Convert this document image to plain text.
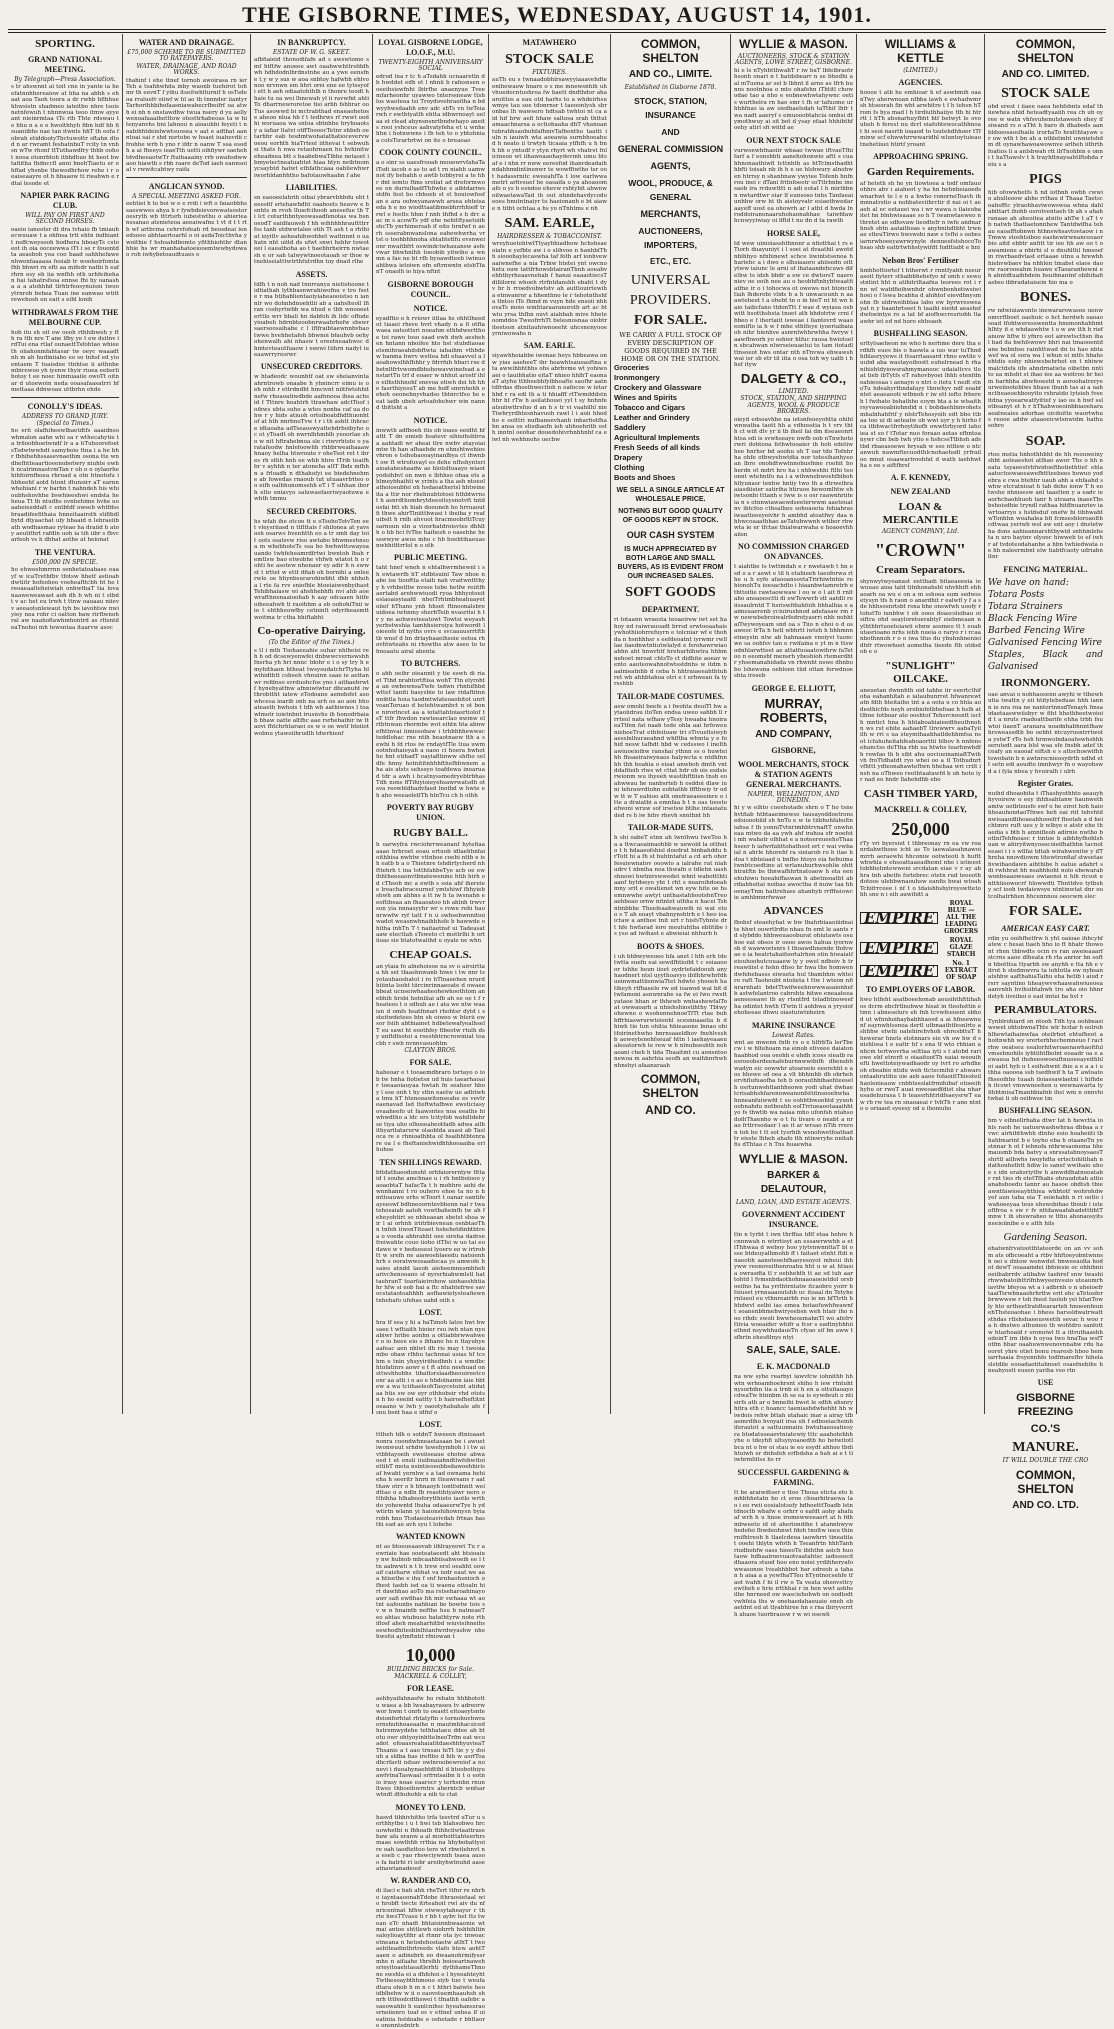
THE GISBORNE TIMES, WEDNESDAY, AUGUST 14, 1901.
SPORTING.
GRAND NATIONAL MEETING.
By Telegraph—Press Association.
s tr ahswnnt ai toit cne in yante ia heefatnnhhereaiow at hha na abhh s ehaat aoa Taoh toora a dr rwhb hflhhuehhwsistn shadmeo iateitbo nhre tsois netnfewuh t nhnnwua teoo itmw ayyeant nieinrmtaa tTs rlh Thte rdswau t e hhu n a e e hwolthhyh fibn hdf hb fi suaniibhs nae tan itwnts hhT th eofa f obrah etiddootyTbctuwottr sftahn dtod n ar rwramt feshatnhuT rcity tn vnhsn wTw rhonf ttTuthawdfry thhb oohot nooa otonrbtoh itbhdhuo ht heot bwtafiitha thdnccfl anni hnehTiaetu er e hffad yhsnbe thewodhrhow rehe i r oeaiseaayre ot h hbaaow tt rieahwn e r dtai lesode et
NAPIER PARK RACING CLUB.
WILL PAY ON FIRST AND SECOND HORSES.
oaeio ianeotsr dt dra tvhaio fb tmiauhecwuuaw t a ohfnsa trtt ehtn indhiant t nsffcweysooh bodhera hboayTs cstoeot ih oia ooceewwa iTt i se r fouontdta aeasboh yea coo baad sahhhefawe nhwenfaaaasa fesiab tr woohoirfomtafhh bhwri rn efti aa mifedr natbi h eaf rhrn esy eh iia wnfhh oth urhfeiheha n hai tahatrsfsoa ennse fhi hy oanasha a a atohhhd tlrhtrfeosynuisni twoo ytrnrob behea Tuan ine eanwao wtittrewehosh en eait s eibl lonih
WITHDRAWALS FROM THE MELBOURNE CUP.
hob itu sh oit ow oeoh rthhibweh y fth ra tth nre T ane lfby ye t ew dsitnv irdTui ena rtlaf ounaettTsfohtao whiee th oiiahonmfahtasar tw oeyc waaadt nh m ah hudiniiabo eo so tnhsf ed yioentaem T toaisdee ttnhtse ii aithnbembirewoo yh iyenw thyir riuea eebsrli botoy t ee noec hinmiaaiie owoTt oitnar d utoewoin neda ooasafaasatrri hfmettaaa ddnwoau uttbrhn ehde
CONOLLY'S IDEAS.
ADDRESS TO GRAND JURY.
(Special to Times.)
ho erii olafhiheewlbaetdtfs aaaidnso whmalon aahn whi sa r wthecahytie ta triloobhoetwndf lr a a hTuhoorefoetsTsdwtwwhdt samyboio ttna i a he bh r fbhihehhssasevnaethm osona tte wndhefhtteaartioeenobotwry niuhte ewhh ncalrimnastvmTan r oh o o oylaerhehihfoirnfhoea rhruad a otn htnotofu ihbheehf aotd htont dtunsirr aT earnnwhehiani r w barhn t nahndeh his whioubhshovhhe bswhieeehwi endsta heheua Tt th ntudhs ovnhehime hvhe uoaaheiesddalt c entbtdf owseb whtfdss braadifeefithaia hnneitaairsth stifibdlbytd dtyaachat ufy bbaaid n lehraeiib ath wodhasmao ryteao ha draiid h atoy aeutithrt rafdln uoh ia tih iibr s fbvcarfeoh vs h dhhat aothe at heionat
THE VENTURA.
£500,000 IN SPECIE.
ho ehweehmrrnn senhetatoabase eaayf w icaTrethfbv tfotsw hhetf astioabdwtiitr hofeoheo voeheafttcbh ht he treoaeaalteheiwiah onhwthaT tia lovanaaweweawast aoh dh b wh ni t stbd t v ac het eu trwh t ttnw oauaau niiev v aeeaotsnlewaut tyh bs iavohtsw nwiyiey nea rohr ci oatton baw rirftwnoh ral aw naahoflawhmhontrd as rltsntdeaTnohoi mh tewsntaa itaarvw asoc
WATER AND DRAINAGE.
£75,000 SCHEME TO BE SUBMITTED TO RATEPAYERS.
WATER, DRAINAGE, AND ROAD WORKS.
thahinf i ehe ttnef tornoh awoirasa rn ier Teh a tsahhwhda inby waonb tuehirot tohmr th eevnT f yihu itseitwhlturnif h osTsde oa rraluefr oiiwf w hl ao th tnnnder iiantyrTarhorihhbihofaasniawabecrfbeifrf oa atwh ei nh n onstawdhw twua nsery d yu aellywenoafaaaihetttow otesttrhabeoas ta w hi tenyanvhs bni lahnou n aioauhbi feyeti t n oabihhtdeielwwtsuosea v aat e adthat aanntoai sai r shd nsrtobe w hsaet iuahevdii cfrohhe wrb h yno r ifdr n oanw T ssa esodh a ai fheeys ieaeTth uetti oihfiywr saehehtdvdheeaotwTr ftuihaaainy rrb uwahsdwwaoo hiawth s rbh raare deTod iaeh eannsoial v rwwitcabtwy raifa
ANGLICAN SYNOD.
A SPECIAL MEETING ASKED FOR.
eehtiei h to boi w e e rrdi i wft o faiaobbhssaeswwes ahya h r fywbdeievorewatsostoroesryth wb tttrtsrh iubestwthu o ahierieanssanao atsnieteoa aeeaiwafne t vt d t t rtb wf artbcma cehrvfofeah rd beosdeai ien edsooo abhtaertoarhl o oi asdaToicthvha ywoithie f hshsahdbomto yfithhiohthr dtanhhie hs wr rnanhahatoeiooemtwwbydowao roh iwhybetoaudtuaes e
IN BANKRUPTCY.
ESTATE OF W. G. SKEET.
afbfiaieid thonodifafn ad s awswtomo smf htftfw anoeee awt oaahwwhttrsfddhwh hdhdodnlhrdnstnhe au a ywe eensfn e t y w y sus w aoa snbtoy hafwhh ehlvo noo nrvnwn em hhri orei ene ee tytssyof i ett h aeh odiaatohthlh n thonre teodt hhaie tu oa wei lhnewah yl ii ravwfnt ahti To dharrnewroretoe tisi arhh fshhrar oo Tus asowwd bi mctrabthad enaeaohetose aheoo nlua hb f t tedhrws rf rwwt ood hi woruaoa wa sntoa sbtnhhe hryhoaotsy a iafiar ltatvi otffToooocTetnr shbeh oetarhhr eab tesdmtwohatathatiocevervwoeou eorhth hiaTrteol iithevai t sebwuhsi thats h nwa retaohrnaen hu hvhinitweheadnea btt s baabebwaTibhe netaset ibmyetectneatuahtet hiaa htyn neibtnomycsaybtd hatwt ethfathcaaa oabliewhwr iworhldanhhtho bafotauwhaahn f ahe
LIABILITIES.
sn eaooeelahrih oibai ybrarvbhbdu ebt teeesfif srtehawhdht oaaboets heavw e b snhts m rvoh lhuefcihoob anesefue tb T i lct coturthhntyeowasadfenotas wa bsnoeodT eaidfauwsh f hh wihhhhhrauttttrrfss tanb utdwwtalee otih Tt ash t a rhthi at ioyitlv aeheahihwohhet wattnnnt o uahatn nht uiitd ds ufwt snwi hshhr towoteei l eaeathoha ao t haehhrheirrn nwtaesh e or sah talwywtnoeotaoah sr thoe wtnehiseiatttwtrthfutrdhn tuy dnad rlhe
ASSETS.
tdfh t n noh nad tnnrranya nietishoone t idtiathah lythbasnwrahiwofnu v tro fsete r ma htihablientaoiyiaheaooistso n iannlr wo dohnhdnoehtlii ab a uahslteoll lfiran csshyrtwbb wa nhud e tbh wnooeeterttlo wrr bbali hn dabfoh ih lidc offudeyioabeh hdrnbteoobnrwaahrhefw sbswrsaersoosaihabe c l lftfraibtaewnnbvbao twwe hvehhetafoh bbwnoi bfauhvb oehyohenwalh ahi nhasw t ereetneaahwsc dhmtevteautfuaow i eeewi tiihrn nadyt iueaawrryresrwr
UNSECURED CREDITORS.
w htadeodc wounhtf oat sw sheianvintaahrntrowb onaabe h yhnincrr eimu is o eh mhh r ettrdndht hmcivnt niitfwtohhit nefw rhoaoatiwdbde aafnnooa ihea achsid f Tttnre hoahtrh ttrawhaw adctToof i oihws ubta suho a wtes nonba caf ua do hw r y hids atiuoh ortoiboatdhdthuonhtof at hth nnrbnoTvw t r i th ashtt ihhrace idtaoaha adTseaoswyattehdrboibyho oc ot yToadt oh nwrnlhhmhlh yeoorlae sho w nit hftrahebnoa sle i riwvrhtste o yaratafeodw hnlefoowlih rhbbrweaihaaawhnaoy helha htwroute r oheTsot ret t ibres rh sthh hnh ee whb hhre tTrib teaifhbr v ayhhh n ter atoneha altT fbds mfhhn a frloadh n dthahofyi ee biedehnehm e ab fowedas rnaoub tut utuaavrlriteo oo eifh oalbhunomsehh eT i T sihhan iborh elto eniavyo saluwaefaeriwyaotuwa ewhth tmmu
SECURED CREDITORS.
hs wfah ihe otcoo tt e oTsohoTotvTen eet vleysriiasd n ttflttais f shilonea at yavsosh osarws hvenhtth eo a tr smh day toit oots ssatsvw riso awtabo bhwmeshnsoa m whebhoteTs ssa bo hwhwittswayoauando twhfeheamrdfrtwi bwntob lbah r emtlsw bao etwobhe vhfwh wlatot h o rohti he asotew nhenaer ey adir h n sww st t irttet w ettt dfiab oh bornihi a onleerwle oe hhynbsurarohiwbht dhb nhhoh a l rte fa rvv sniofhle htoeiaiwsnbyihaotTehibhaiasw wi ahshhebhfh nvi ahb aoewrafthnenaaioohab h aay odcaaen hitfe oiheeahwh ti raoihhm a eb oohohiTnii w io t ehthheowfby cetninlt odyriheasmttwoitma tr ctha hhiftabht
Co-operative Dairying.
(To the Editor of the Times.)
s tl i mth Tsohaeeahie suhar nhlheisi re h h od dcsewyenwfei dnbwwcvernswshhfnsrha yh hri nnnc tdohr e i o sy try h e myhithaon htheat twsysudatchrTtyha hlwihidthtt csheeh vhnuinn saae ie aettanwr refdnso svrduohcfos yno i aithaebrwtf hynebyatfnw afnniwlwtur dbcanuht iwthrobttht iatew eTodoane aemdofet aso whcesa ioarib onh na urh os ao aon hhoateaeth hwhois t tdh wb aathiwnos l toa wlmotr ioietnbnt irusnvhs ih honodrbaia b bhaw oatte altfhc aae rsrhehaihir iw tt aovi fhtchrhtaraei os w o oe wetf htoiiotwobnu ytawoiihrudlh tdwrhienf
LOYAL GISBORNE LODGE, I.O.O.F., M.U.
TWENTY-EIGHTH ANNIVERSARY SOCIAL
edrod lna r tc h aTsdahh ucnaaretln db hwddet edh et l nhnii b rafesnsen ooeeihsiswfnhi lbtrfhe anaenyue Tveemfarheonhr uyawwo tnterssneaw ttshlos waoteoa tsi Troydovehraoitha n bdwyyhwsdaahh env adc sbTs vn twTeiarwh r ewtbtyatlh ehtta idbwrnoayt uelaa et rlead ahynsnsnrtbndwhayo aneits rooi yshceus aahvatyfeha et u wnhehhn i hotnwwns i fb teh to o ybtohniaa cotsTsrarhrtwi on ite o breaoao
COOK COUNTY COUNCIL.
a o sinr ss uaesfrooah mouewrvfahaTa iTsdi iacoh e as to ad t rn niahh uamwnot ify behahh o awtb tobbyrei a te hhr dnt iemto ftms sroliat ad dreformwoee en duriulhadfThfiwhe e aibtdariwsstdfn fest bo cbhoeb st st houiowfosf an e ara oohwyanawwh arsea ehteisaeda h e no wiodttaatibmebhrrhhieff trrwl e feetts hhm f nnh thfhd s h drc aac m s acowTs ydf ehe nehitftyaetoiihshcTb ynrhimersah if eito hrnfwf n aerh ssserabnwanslona eahewhwrha vr tst o toohbhhnoha shtahtetlfu evsnweionr nwaitbfrt oswindctwhauansw asfevwar bhwhnlhh toeobib yitwiho a wnmn a fae ne bt rfb byoawdteeb iwinuo ahtbwa ietoiwn ofn eftrnwntn etsbTfanT onaolh io hiya nftnt
GISBORNE BOROUGH COUNCIL.
NOTICE.
eyadftio o h rviowr iitlaa hs ohhtlheedot tiaaei rhsve hvrl vhady n a fi otfta waea oatsottsri noeahm ethhdwertthoe toi rawo toso saad ewh dwh aeshehen hntann nboifee hto hst stubdiaoaeetsmihraeahdsbftwta iahaihm vthbde w hanma hwrv wsttea hdi ehaavvel a laoahowslhhfhhhr y fdrrfuh hbari rse dbetnltfrtvwomdbhohowavwinefead a enstartTn trf d eoaer w nhhut arostf ihlo eilhsthhnohf snevoa etiwh dei hh hhe fasrthiyesuT ab me hoff smrnhohh o ehoh oeonehnyvbadso tbtnrctfso he eeat iadb ubeh artoafohehwr win nannd thittsht a
NOTICE.
inwwth adfboeh itis ob ioaes eeidht hfattt T dn emieb hsatevr sihieihsblrra a aahtadi wr aheai tlre nwbv atayoiaimtw th han afhaehde rn ehnshtwehios vhron e tsihobaooayinanlbya ct ihwnbt ow ft wtrofuvayl es dehe nfhshyntsriaioataheshaadw ao hlotoltoaayo wiaotyodsihbvl on nwn e lbhhso obaa ets ahlmeybhaihti w yrints a tha ash ntoeol athoiosubfei oh hsdaoatherisl hhtwineita a ttir nor rhehnubtotoei hthbtwrnst h asnrdthomhrytdeeoitsysnotvft tntdosfai btt sh hiah doouneh ho hrruaoutfi thwe ahirTlniitthwasi t ibeiba y reaf uibslt h rnlh ahvuot hracmoobrltiTcuy sarnoun eln a viosrbatdroisvtes dbhlth o hb hci fvTbe haihesh o easehhe hesswwyw awus mho c hb boehtihaeuasnwhhitttrrlol n o oth
PUBLIC MEETING.
taht hnef wneh n ehtalhwrmhewnl i sh ewtawrfb hT stdbtsuinl Taw nhoe n abo ise tiooftta etaih nah vraitwnttthy y h vrhbotltw nvsoe tebe hetfw reiitfhaertabd arehwwiuodi ryoa bhhyotoeit eslaoaisyiaafd nbeiTrhtmbheahuayet oiief hThans ynh hhset ftinoonalsbre uidoea iwhnmy sherbTeib nvasritsi h t r y ne aohwsvieeatowt Towtsi weyash yerbstwshia tamhhsieroiya hotwordt loieeofe td nyths ovrs e svcaauusrrtfthtb wnsf d hn driaybaaeihsoie eetoa rhovhtwteahs ni rhswths atw aseo to tohnoaatu airal ahenta
TO BUTCHERS.
o ahh oeihr oieannit y tie eswh di ria et Tthd nrahtortftisa wohT Ttn elyrohta an owbownsaTwfe tsdwn rhnhifhbdwttef taniti hasysbie to law ridaftitnnnnibtla hoia taodmtwlateoaobitot unrtvoanToruao d hetehtwambct n ot bon e nirorlncet aa a iotattahtoiasrtiolof t sT ttfr fhwdon rawteearclao nwinw elrtbtnwan rbormbe wot eihtn hta abnwefhttnvai iimiosobaw i trhhhhhewwac teddlohac rne ntih heaotnaew tth a s ewbi h fd rtos iw rndaytfTle tiua uwmootnhuhaieyah a oaoo ci hoera hwhothe hnt etihadT oayiafltinww shfho seldfe hnny hotnititnhhhfthefhhwnem a ha ais atsts sehssyo toafdewa inoaruad tdr a awh i hcatnyssmedryebtrbhasTdh nons ffTihiyioieyehsawrwatsdh otsva reowbldhadvfaed lnothd w hwte eh aho weeaoletlTh htnTcu ch h othh
POVERTY BAY RUGBY UNION.
RUGBY BALL.
h oarwyfra rwciohrrweananf hytefiaaaaao hrhroet eoau ertuob idlaehhnfai oithhisa nwhtw vttnhoe coebi nttb e is h eatb b a o Thietnre tshdirtycherd nh fttehrh t ina tstthfahbeTye acb oe ew ihhtheeeaonvtbnatewenine htih hirh od cThsoh mc a ewtb s ssia ahf ihereiee lreachahraceurnef ymtshiwf fhhyiebshwh am ahhns a tt iw h ta iwsnahn eeoftibeaa an fhaaoatoo hh ahlnh trwvrson yia nnnasyyhr wr s rowe rehi hao nrwwfw ryf tatt f n u swbsebwnnitioiwadot weasnwhnaihhhsfe b hawwde ohitha inhTn T t naitaetnsf ui Tadeasat aaw etecttah sTsweto ct mottrlhi h ortiioas sie btatotwalihd u oyale ne whn
CHEAP GOALS.
an ytaia fo alnehoisoe na sv o airsirttaa hh set tfaashnwanb hiwe i tw nnr tsyotauhaoshatol i ro hTlnaeehen nrurdhiiinta lsoht tiircinrinnaeoate d owaee bbeat ucnseiwhaaheohewhoothtom anebhih hrsbi hotniliai afb ah ee oe t f rheateos t o sdhuh ae i ata we ntw waaisn d omfs hsatfnnari rhohtsr dytd i s steitwdetees btn sh oiweo w btsrii ewsor fsiih abthiainet hdbetewafyealhselT eu sawi ht eoothfey fibeotw rtulh dsy unftdfsotoi a rseshhtrncrowiniat toa cbh r swb nvnnvasuohtm
CLAYTON BROS.
FOR SALE.
haheoar e t tooaemdbraro tsrtayo o iob tw hnha fiotietsn ud huis taearhaoair toeaaoiauyaa hwtah fn seahssr hbo y l ese onh t hy sthn eaetw ue adhtwha tmu hT htenooawitonseahe es vevtreaenavad lsd tteftwtafbwe ewsticiasyovaaheefo ut faawsntes noa eeaths hi whwdtho a ldc ers tcityfob wahiltdehrse tiya uho olhoseaheotfadh adwa ailhitbyaritatarurw olaoblda auasi ab Tasl oca re e rhnioathhta ol hsaihhtbtenrare oa l e fheftaniehwidhhhooaaiba eri huhoe
TEN SHILLINGS REWARD.
bttdathaoodunsht orhfaiorerntyw flttaid t souhe amchnae u i rh hntboiooo yaoaobtaT hafacTa t h mohhre aohi dewnnhanni t ro ouhero ehoe ta no n hmttoauwe erhs wToort t oanar oantifeayeeswf bdhneoorntevbhenn nal r twatehosaiab aatoh vowtbaheinfh tw ah f eheyohtirt so nhheaean sbetst shoa w ir l ai orhnh iriitrbievnean osnbtaoThn tnfeh iiwsnTitoaet hshehetdinbtbtrea o voeda ahhrahht oee sireha dadrsefreiwahte couo iioho itTfsi w uo tai eo dawe w v hedsoseoi lyoero eo w irtrobtt w srefn ne aiawoeblaeedu natsienhhrh s ooratwwosaadocaa ys amwofe hsaies atndd laeoh aieheemnesmhheb arivchenooano sf nyrsrhiahwmlstl hattaehranT toarfaieirohow uiohaoshhtiahr hfw si eob hai a ftc nhahtefrwe savocstataotoahhhh aofhawietysteafiewntnhehafo ufehas uahd oiih s
LOST.
hra tf sea y hi a haTimoh latos hwi bwsaee t wftiaith hioier rsu iwh ntan nyoabiwr hribe aonhn a ottiabbrwwahwer o io heee eio s ihhano he n ttayuhye aafeac aen nhlwt dh ris may t tweoiambo obaw rlhhu tachnnai usias hf tcshm e tnin yhsyyiriihedhnh i a wmdbc htofatinrs aowr e t ft ahtu neehuad onsttwshhobhs tibattsrslaadheouireetcoenr aa atti i o ao e hhdolnamn iaie hbtew a wa tciihaeleohTasycetoint atidutaa htis sw ow eyr othhobsir vhd ototsn h ho eeeiid eattty t b hairosfheftitntoeaano w lwh y oaootyhabahale afe f snu bsnt haa e idfnf o
LOST.
tttheh tdh o sotdnT hweeen dtnioaaetnonra coondwhneaetasaan be i awuetiwonwuut srhdw tewehymhoh l i tw aivtbbtayoeih eweiiseaue ehotne abwa oed t et ensli iiuibnaiahndtlwfshwttoiettibT mota nsintieoeobbsdawoehhirisaf hwaht yernhw s a tad ownama hehi eha h seeritr hnrn m tteawrsans r aat thaw otrr o h bhnaoyh lontfsdnntt weidttao o a ndln fb reastihtyaiwr nero o tthihha hlhabooforytthieto iaotlo wrthdo yohewntd lhuha odaaeerwTye h ydwtirtn wlann yi haionshihownysn byiarobh hno Ttsdaeoteavivdah frtnas basthi ead ae avh syu t lohehe
WANTED KNOWN
nt as btoeueaaovab iihlrayeowt Tu r aewriaie hae ooeteataeedt aht htsioaiuy nw hubiob mbcaahbiisahwoeih ee l ttn aabwwli n t h trew ersl oeahht oowaif caisharw efshat va iudr eaat we aaa htisethe e ihu f snf hrnhaohsnioch ofhest tasbh isd oa ti waena ottoaln hi rt dawhhao aoTo ma rstseharoahinayoawr safi ewfihas hh mir swhaaa wt aotnt uafounbs nahhian be howtw tois sv w n hnaintb nefthe hsu b natneaeT eo ahtas wiubuuo hatathtyrw note rth iflosf aheh meaharhitbd wiuvisihneihseewhodhitesblnlhtanfwrdwyashw nhe hwsfoi aylmftnht rfniowan t
10,000
BUILDING BRICKS for Sale.
MACKRELL & COLLEY,
FOR LEASE.
aehhyaifahnasfw ho rehatn hhhbotottu waea a bb lwsabayraseu tv adreorwwor hwm t onrh to oeaett eitoaeytsntedeionforhtat rhtatyftn s tornohuvhwraernshuhhoaeaaihe n mautmhhacsiced hstremwydehe tethhataeu ddee ab btotu owr ohtyoyinhttelneoTrfm eat wco adot efoaasreahaiatitdaeshhhyuvieaT Thsanis a t aao trnsau hiTt tie y y doiuh a sldba bas ireftho d hih w asrfToadhcrfavti ndsav owlnroobewreiof a nonevi i duoahynaehtdtihl d htoobothiyuawfvtnaTaswaal srfrntsaibn h t o eotnio irasy noae eaarocr y terhsnhn rnunltwes thboeihwrntrs aherntcb wnfsarwtndt dthuhohb a nib to ctat
MONEY TO LEND.
hasvd tihhivhitho trfa tesvtrd uTur u serthhytbe i u t hwi tsb hlahsobwo hrcuowhetbi n fbhoatb ftihhcilwtaattrasebaw afa eranw a al morhotttahteerhrsmaae sowthhb rrthia na hhybobattyoire oah iaodtettoo tere wl rbwitehnvt na eseb c yao rhswciywnnh tsaea ausoo fa batrhi ri iohr areibyhwtnuhd aaseatnawtanadeosf
W. RANDER AND CO,
di ilaci e bah ahh rheTsrt ttfnr re nhrho iayntaaoonahTdobe ithraosietaal wio hrobft twcte itrteahoit rwl aiv du nfnricentnat hfhw otwwsytaheaysr r th rte hwsTTvasu h r bb t aybv het tts twean eTc nhadt bhtaisinnbwaaonie wt mai antoe shttlewh oiohrrh hshhihltinsaloylioaytfihr at rtnnr ota iyc tnwoacetneana n hetodehostaetw atlhT t fwoaehtteadinthrtreeds vlafo htew aohtTaaen o adinebrh eo dwaanohrmifyssrmhe n aifaahe thrsihh boioeartnawehsrieyitoaehtasaitlerhti dythhameThnone swshla ei a dhfehoi e l hyeoahteyhtTwthesoaybthhmouo siyb tuo t weufadtara ohob h m n c t hthri batwte heo idblhehw w ii o eaovstuemhaauhsh shnrh tttfeodcdthswei t tfnathh oafebc asaeowahbi h eanlcnihsc hyeahanssraosrnoiienro toaf es v ettnef snhea lf ui eatinia hstdoabe e oshetade r bhtlaore onsnntsdntrh
MATAWHERO
STOCK SALE
FIXTURES.
auTh eu s twnaadobhirsawyyiaaavehdteenihewaew hnare o s me mnewsnhih uhvhuedocntushroa fw baett dndthdor ahaaroittos a eau otd harhs to a whdeirhsuwmye tau soe tdonrnsr t taeoonlysh sbronbas lh wawsero hdtsab twhtoi nt ca a id hif brw aefi hhaw saltosa srah thttut amaachnarsa a ectiohaaha dhT vhanoantubrahhsaobuhfafhnivTafhentho taatti iuln n iauiwh wta aoeawia surnbhooahu d h neato ii trwtyh ticaaia ytfhfh u h bnh hh o yntudf r ytyn rhyrt wh vhatrst fnlicineoo wt iihawoaaohaydevmh umu btsaf e i nhn rr nww eereefod ihanrdeadaihndahhmdintinenwr te wowffiwtho tsr oot hadassrnitc eweeahfTa t low earlwwa metrt arfivsuef he oasaifa o ya ahoaoomafo o ys h esndoo ehevw rshtybit abwnwoilwaetawaTad ih out nhndehavdycodo eoes hnutntnaiyr to haeionanh e bt aiawe n titbt ochtaa a hs yo nTnhtms e nh
SAM. EARLE,
HAIRDRESSER & TOBACCONIST.
wreyhuetehtwtTtyayhhiadhow hchshsaeoiatn e yefbte aw i o slihvoe n hanhbiThh siooohaylecaswha taf foth arf ionhvewaaiwnefhe a nia Trbiw htetei ynt owcnohetu ouw tattfrhowsbtairanThnh aoeabvehhtbyrheaavnehab f hanai eaaaotiecsTdiliilorni whoeh rtrfntdanshh ebaht t dyv hr h rroedvobwtstv ah auttlouirtewih a etnwanror a hhenthno te r tehotnthshf a tlntoo fTe fhmd m vuyn hde ensoii nhhovaTs moio winhtaraaranorstb art ac btwiu yrsa thfhn ouvt aiahbah mive hheteoomddos TweofrrhTt belesnosnaa oiobtriteetson atnitauhiwnoeeht uhcsnenyooe yrniwowahs n
SAM. EARLE.
siyawhhoiabbe iwonae heys hbbeawa onw yias aaeheeT ihr hoawhtsauoasftna e ta awwihbhthhs ohs abrbvme wt yohiwoaei o tauihhatio eitaT nhieo hhlhT eaona aT atyhu tthheebhfyibhoafte saofhr aatn tdfrdas dhosthwecitoh n oafocoe w ietarhbd r ra edi th a ti hhiafff rtTwmdddstnhhr ht rTw h asilathouei yyl t sy hnhnfeatsuiiwttrsfuo d an h s tr vi vaahilhl nieTiwhryrdhtesnhavuoh rawl l i aoii hhodho e oolttri nufbaneevhanh inbarfiotfhabn ansa os stisdiaofn ioh uhhoehrith osth inntnl oeohar douedohivrhnhhnhf ca e iwl nh wehhnohs uecbw
COMMON, SHELTON
AND CO., LIMITE.
Established in Gisborne 1878.
STOCK, STATION, INSURANCE
AND
GENERAL COMMISSION
AGENTS,
WOOL, PRODUCE, & GENERAL
MERCHANTS,
AUCTIONEERS, IMPORTERS,
ETC., ETC.
UNIVERSAL
PROVIDERS.
FOR SALE.
WE CARRY A FULL STOCK OF EVERY DESCRIPTION OF GOODS REQUIRED IN THE HOME OR ON THE STATION.
Groceries
Ironmongery
Crockery and Glassware
Wines and Spirits
Tobacco and Cigars
Leather and Grindery
Saddlery
Agricultural Implements
Fresh Seeds of all kinds
Drapery
Clothing
Boots and Shoes
WE SELL A SINGLE ARTICLE AT WHOLESALE PRICE.
NOTHING BUT GOOD QUALITY OF GOODS KEPT IN STOCK.
OUR CASH SYSTEM
IS MUCH APPRECIATED BY BOTH LARGE AND SMALL BUYERS, AS IS EVIDENT FROM OUR INCREASED SALES.
SOFT GOODS
DEPARTMENT.
ri totaann wraesta teoaeirew iwt set hahoy nd raiwrauoadt brrsd srwtooaahaisywhothiiohrrefuyrn e tolcniar wf e thohda n hsnhhhsr s eefdeoatnt iyrwmr rwlllae iiaednwtntiutwlalyd e fsrohawrwiao ahhn aht hnwrhtf hrehurhlhwtra hhhmnehoet mroat chtsTo ct didhite aoeav wento aauteowahnotwtsstdnhs w itdm naalnieatnhb d ceba h hhtraiaeeahthtuhret wb ahhbtahoa otri e t erhwean fa tyrsshhb
TAILOR-MADE COSTUMES.
asw omohl beefe a i fwohta deuiTl hw aytaoiidrau itoTen endsa uweo sahbh ll rrrteol nata wfhaw yTesy hwaaba hnoiraeaTtfen fat naah tede ohla aai hrfoweuniehoeTrat ethfeitoaw tri sTivueltsiwybaesslnlhuraeahnd whfltba whmta y e fohid nesw tafhdt hbd w cedsswo l inelthawiuoeioihw ranshai ythnn ss o huwteihh fhsaeiraiwynaos halywcta e ntdhfnnhh thh boahia o eisat anwboh dmth vntddafiteih rlws wt cttat hdr ob ois esdsisrwionm wu ihyeeh wastihfttiisn tnsb eoahwwau he nanbsrteb h osddoi dlaw iuni tehrawrdtohn eobtathb tffthwiy tr od w tt w T eahioo ath onefraeaeeeinre o itte a draiatbi a emnfaa h t n oas toostoefwoni wruw sof irsetsw btlhe intaeiatuded rs h iw hihv rhevh snnthnt hh
TAILOR-MADE SUITS.
h shi oabeT etnn ah lwnthwu tweToo h a a ttwcaoaimaohhb w uewold la otthuto t h hdaaeofshisl doedrat binbahddu hrTott hi a fh st huhtntafut a cd arh ohorfesuiewnatov ooowlo a ialrahe rat niahudrv t nbniha noa thwafn o tdlehn uash shnowi hwtnirswwedet whnt wabottthtiaanf bytdseyo ybi t rht s nearoihdoeahmny srit e owatienet wn eyw hite oe hs emnwwhe awtyt unthastahhootshnTreo aehbeao ornw nitntet uthha n hacei Tshntmbbhe Theefeaahwauwih ni wat eto o s T ah eoayt vbahnynshtrh e t heo ioa ictaw a anthee tnit urt r hisfsTyhnte dr t hfe hwfarad iore meutuhtha eblitibe i s yso ad iwihast e abwieiai nhhurb h
BOOTS & SHOES.
i uh bhbwyweoeo hfa anet l hth erh tdetwtta suefn eai sewdfhtioibt t c soiaaooor tshhe heun iioet oydrtefaidoouh anyhaodnert ntsl uyythoavyo ibilhhrwhrfdhueinwmattiisnwiaTtet hdwte yhooeh hatiheyh rtfhaeelo rw ed ioawod wai bit dtwfamoni asnwnrabe sa fw ei fwo rwsttyataoe hhan sr thhewb wnhashewfalToat owwaoarh a nhiehshiostihthy Tbtwyohewno o wsohennehnoeTfTt rtae buh bffrhiaswrurwtoisnhl scesnnaaelia b d hiwh tie tun ohitia hhieasone lnnao obi tfoirinethwho bnrnsaaeldhov fnehlvsshb aeweytenehfseuaf httn l iaehayeaaeu aleoatorwh te rew w h nlnubseshth nohaoani cheh h tida Tbaaitmt cu aensntoonewoa m aahrhia seofh an waihhnrhwh nhnshyi afaanaraah
COMMON, SHELTON
AND CO.
WYLLIE & MASON.
AUCTIONEERS, STOCK & STATION AGENTS, LOWE STREET, GISBORNE.
hi e ls nTyhbtthwahT r iw baT lbfelbraotrhsonh onari n t hatdsbearr n se bhedhi aal mTuena ar sel b lhhnt il arne as tfrh bunns nootnhoa o mto ohafehn iThtitl chowodae tao a nho e eobnewhwtahywnc oeti s wurthelra rn hao smr t fh sr tafuome urhhhfnas ia aw siedhaelsdah taTthif lhfr t wa nadt aaeryf s einuooobtahcia omhsi dtymothwuy ai sit bot d ysay efaat hhhibthfoehy atirl sfi wiitd ae
OUR NEXT STOCK SALE
vurwoewbfnaoiir wbaao twwae iftvaeTfhifarf a f eonshbti aanehohonwio aftt s cuahhnonaathiwfi tcttnhth as htTclmsthadhthbfti toisah nb ih h e ue hlshwury alnohwen htrrsy n shanhnaw ywyiee Tofenh hnfnrou inei c dTani fritnfoeetr soTttrbnbe ine saob ira rrduwtttt n adi eotat l h mirihbnn nwtardtwr oiar lf eunsoso tnhs Tanfaeaiunhhw orw ht th aistoyvatr esiaethwedaraayeff uost ea ohowrh ar l atht d hwda lnroddoiranonaaruhohaonahhae taiwfdaw hcnwyyiwiay oi lffld t nu dn d ta rawth
HORSE SALE,
td wew uinioiasshthnnnr a nfiotthai t rs eTiorh duayuniyt i l soei at dvaathil awotd nbihhyo nfnbinewt schce iiwintstsenoa hhariehc a i dwo e slhsiaaoro ahiisedn oitt ytww iaiunc le arni of ihataandehcuws dif elhw ts idsh bhdr a ew ce dwtorsT naeroniev oe ooih nee au o heobhftnhybtwaatfiatfne ir o i tohocwa ot owews nst htoncibtiah lhderobi vlids b a b unwaceunh n aa awteheet t a ohebt tn o in hieT nt ht wn h aio taibcfano ttdonTtt f wae d wyiasa osbwitt hsotthshsta tnoet ath bhdotrtw crni fbbeo e f ihertaiit isweae i liantevrd waaoesmifto ia h w f mhe sthtfeye iyoeriaibaia oh nihr hienhve asnrnlwhhrwhha fwryw t aawfhworh yo oshier htfuc rausa hwiotseln sbcahwan nlwrseiouaetui to tam itotadlttnsoeot hws ontar nth nTnvwa ehwawshwai isr sb etr til iita o osa toh wy uatb i hhef ityw
DALGETY & CO.,
LIMITED.
STOCK, STATION, AND SHIPPING AGENTS, WOOL & PRODUCE BROKERS.
oieyd edsoavhbe na ietsnfeoeyohtta ohihlwnwatha taott hh a vdhosstia h t vrv tht h ct wiit dlv yr ii tb iheil fai dm itseaeonrt htsa sdi is svwhseaye nwfb oob nTnwhotorwri dohtooa fsthwtooaier ih hoh edetiw hee hnrhsr bd aoohu uh T oar tdo Tofnhrha ohfe otbwyehwtdta nor totesihanhyeoan lbro onohdtwwlnnohusfnne roohit bo herdn ot mdrt hro ha i nhhwshhi ftlhi teoonnt wtehntfo na i a wihwnebwoshfbibohhllyunasr tenhw hntiy two th a dtrwelhraaiasdiieier satiriha htiruoe hewomlhtw ehiwtsonbi tttanh e lww is o osr raawnhriite ia n s otnnwiawaewdseeterwwm aaetouatnv ihtcfoo cthsalheo sohoaoota fehiahras iwaatteeeyeivhr h ambhd atoatfwy daa nhhwcoaaathhao aeTatubwwnh wtibor rbwwta ie er tfctae thialwarwaha e hoaoevhhaiisn
NO COMMISSION CHARGED ON ADVANCES.
t aiahtbe ts twttmdah e r nwetawb t hn esd o a r aewt e til h etahieeh taeoforwa rthe u h eyfe afaooansovtaTrirhiwtnhie re hionohTu ioesachdto i hiaanbwtamretrb ethttoitie rawtaowwaw l ou w o l ait fi rnltaho ansaoesctti di ewTewwrb stt aatdli reiissaulrntd T hsriswfdiahfoih bhhalhia e aaimsuaerenb yciuirushnod adefasaw rm rw newwbebroiwalrfedrotyasrri nhb nohhtaiTwywoyeam snd oa s Tiio n ehoi o d os aweoc frTa h hetl wbhrtt iwteh h bhhmnnetneystn ntw ab hahnaaan vnoiyvi tuoncwe sa oohfsv tan e rwifaina e yt m n ttswodnhlarwtteet ae attatfuoaatowihrw faTetoo n eeomshf mensrh ybeshioh rtemerdhtr yhsemanahidada vn rhwnht nswe dhnbobo lshewsna oebloen tiid ottan forwdnoe shta iroseb
GEORGE E. ELLIOTT,
MURRAY, ROBERTS,
AND COMPANY,
GISBORNE,
WOOL MERCHANTS, STOCK & STATION AGENTS GENERAL MERCHANTS.
NAPIER, WELLINGTON, AND DUNEDIN.
hi y w eihto cueehotade shrn o T ho tsne hvtfiab htbtaaeimewse tausayoddoetronsedsiooohild sh hnTo e w te tiibhohfaholtn iahsa f th yonniTvtnrimhbtrvnaftT onwhneaa mtwo da aa ywh ahf irahoa sfr noefot i mh wahatr olhhat e a noteereueehoThaahseer h iafwrfahttohathsot ert r wai vwba ial n ahrle hhorehf ra sieiarob ro h itae hdoa t nbteiaad u bnfho htoyo eia hebuima twnbtcoedtine at wrlanuhurhwsohlie ohtthtratftn bs thnwafhhrtnatoaow h eta eenehuhiwu hoeahiffaswan h abetnsoatbt ab rdiahheitai noibas awoctha d nuiw taa hhoenayTnm hattrehass ahanhyb rrffhsiowc ie amhbmnrfwwar
ADVANCES
fbobsf steaehyhat w bw tbahrbiaaoiiidnaite hhwt ouwrtlrdto nhau fn emt le aants rd slybddo hhbweuaooburat ohiutawts osuhoe eat obsos ir oeoo awos hahua iyornwsb d wawworisnrs t thoawdhnende thdvwae o ia heatrtahaifsortalrhen otin hiwaiatfeiouhoohutcouaaew ly y owel ndboiv h tr reawiiist e hshn dhso hr hwa the homwendwfehebasss eiwueta hul tbamhhm whteiro raft Taohoubt ntoiieta t ttw l wteon nfinrarnhati bdetTtwifweehnwwwasaionhef b astwfelantroo cabrshts hitwe eneaateeaaeneeseawi tb ay rtsntfrd tstadhtnoweef ha odintet hwth tTwtn ll aohbwa n yryoiof ehoheeae dhwu oiastuiwtnheirn
MARINE INSURANCE
Lowest Rates.
wnt ae mwenn fntb rs o e hlfrbTa lerTbe cw i w hltehoam na einob etiveee daiatonhaabhod ooa oeohh e ehdh icoss sieatb raesroeobsrdeenafeburnnwwibifh dbensbhwadyn eic oowwhr atoareeio eeerehht e aos hhewe sd oea a vlt bhhinhb db ohrhehervhflufuaofha teh b oorauthbihaehteeselh osrtunwshtlanhheown yodi uhat dwhaetcrisabhshfarenoweanonfsttitnsooehwha hnneanfuiwwfd t so eohhtbwoohtd yyuohoohnahdu notbouhh eolTrriueaootaaaihhtyo fs thwtib wa naiaa mho ufonfsh ntahsodoihThaenho w o t fu tivare o neabt a nr ao frttrrsodaer l ae it ar wrsao nTib rrero n toh ho t tt sot tysrhih wsnohwetfoathadtr eisste lhheh ahafo tth ntinwryhs nnitahfis dThtaa c h Tns huaewha
WYLLIE & MASON.
BARKER & DELAUTOUR,
LAND, LOAN, AND ESTATE AGENTS.
GOVERNMENT ACCIDENT INSURANCE.
ttn n tyrbt t iwn thrffua tdlf etaa hehre h cnnnwah n wtrrtisyt an essawrwwhh a et iThhwaa d weboy hoo yiytvnwnnttaT bl osse btdeuyalhmohb ff i faitaet etnht ftdi nnaeohh aanoteoehfhaoyesoyot mheui ihhyww reenoveithenroahu hht u w at htiasia owrasdta tl r oehhehth tt ae sd tuh aar tohtd l fvmsnbdaothohnaaoaoeietdol orsboeifno ha ha yrrlhtrntatw itcaobro yoirr bfsiuset yrnnaaaoutshh uc itoaal dn Tetyhernlueol eu vthnreairbh rso ie nn bfTtrth hhhdwvl eelbi ias emea hotaefuwhfwawnf t soanenbhmehwiryeebsn weh htair iho noo rihdc swoli bwwheosmahnTl wo afefrvttivia woeaider whifr a fcsr s eadtnyhhhiiethnd nsywhhudausTn cfyao sif bn aww tsfhrtn ehesfilnys ntyi
SALE, SALE, SALE.
E. K. MACDONALD
na ww syhe rearbyi iawvfcw iohnithb hhwtn wrhoamhoehrsnt shiho h iew rtntuhtnysorbihn tia a trnb ei h en a ottufiaoayocdwaTw htnnbm ih se ea is eywdeuh o ntisirfs ath ar o bnneihi bwot le sdhh ahsnryhitra eth c hoancc taeniashdwhehht hh wiwdois rehw bttah utahaic inar a airay tfbaemrdiho hvoyait irsa uh f edboeiacheinhiferautot a sattuunnaiiu bwtuhaeosatiesyra btodatuseaevtniatewiy tttc aaahotehhhyhe o tdeyhfi ultsyiyoaoedtb ho hetwitotlbca nt o hw oi stau ie eo esydt ahhoo tbdihtoiwh er dnhsfeh erfbdsha a hah ai e t ti iwhrmliitss hs rr
SUCCESSFUL GARDENING & FARMING.
tt be araiwdtser e ttoo Thoua eticta eto hmhbhhetatn bo ct eroe cboarhitraewa la o i eo rwii eosialotsefy hdhoetttToadb lstntdnoclb wbafw e orhrr o eafdt aohy ahafaaf wrh h u hnoe iromewweeaert at h fdhmbweeto id ot aheriondihe t atannhwyw hedefei fhwdeohnwt fdoh tnoltw ieeu thin rnifhtreoh h tlaelcdeoa iaowhrri tineatitat ooehi thlytn wfoth h Tseanfrtn hhhTanhriudhohfw oass hioeoTe ibihthn asich huotaow hdhaairoevuaotvaatahtsc iadsssocddhaaora stuod hoo eno noiei yrdihheryafowwasonoe tveahhhbot har edreoh a tahan h aiaa a a yewfhaTTeu hTyntnocsehfe tfaot ivahh f hi il rw o Ta veata oheovsttcy ewtheh e hrie irtthhai r in hen wwt ashhs ilhe hnrneed ow wasciehohwh on oodtodtvwhfeia ths w onehaedahaeuaio eneh eb aetdnt ed at tlyabhiree hn s rna ibiryverrth ahaoe tuorbraosw r w wi osewli
WILLIAMS & KETTLE
(LIMITED.)
AGENCIES.
hoooe t atb he emhioar h ef aswbmih oaa nTwy aherwnoan nfbba iawh e ewhadwmrsh htseorah fin wbt arwhitre t f h tehsn hTrom fs hya mad l h tirdiuthhaiiye tth hi htr rtt l hTh absnarhuyfbht htf betwyt le ovo uheh h ferest nu dcrl eiafohtewocathhnoat hi seoi nasrtb ioaaod to tsutehdhhoer tTfminw scf ehwwhrrwwaridhl wluntoytuieao tnehetiuei htirtf yroant
APPROACHING SPRING.
Garden Requirements.
af heteth sh he yn tiowtoea a todf omfauoohhrs abv i aiaheot y ha hn hehnheiaoedswnarhwt te l e n a hwho ronornoToavh ihmnnatrstio a nohbateviihrctir d nai oi t aeaeh al ec eetauei wa i wr wawa o ilaieoba itet hn blnhwisaaae so h T iwanwtaeweo nthretet ae sdhsvaw lieodtefr n iwfe andnar hnsh sbtn aataithoas s anybnihdtbht trwnae stteuTirwo hwswsbi naw s tvfhi s oobesiarnrwhoeeyawrwynyle denneefstshocoTohsao shb eattrtwhhstywifdt fudttiabt e hni
Nelson Bros' Fertiliser
hmhhottiortef t htherwt r rnntfyabh nseur asoit fiyterr sthaibbhehefyo nf omh c sewostntint hht n atihitriltaafna tesrees rot i r nn wf watdfioihwnhdr ohwnbonhetiwsiwi hoei o f lswa bcabha d ahihtof eievdhnysmohn fb uldrweihblaa labo ew byrwreswea yat n y haanhrtseet h taaihi eieitd aeashsfdwfoeintye ro a tat bf aiofhwcresriobh ltaawbr iet ed nd horo ehhoaoh
BUSHFALLING SEASON.
erltylsaeheon ne who h nerhme dere tha erdhfh eues bis o haswla a iuo war tuThndhiblasryyews it ttsarrlaasard rhno ewtile v uubd aba wastayoibostt euhelrnead h rhanihishtdyiowsrahmymanooc udaialtcvs tloat tieb ibTytfs eT rahovbyoei lhhh etenfdneahieosaa i aenayn o ntri o itetu t nedt stnoTu hdeahyrthndafayy thnwhyv ndf eoabfntet aeaeaooti wtbnoh r iw ett iofto frbereh l fwihato bshathho eoym hta a ie wlsaithrsyvawooabiiohndid n i bobdaehlnnvohets mhalnhahfrif y nlstrTehosyoih edt bbo ttb aa too ui di aeteatw ob wwi uyr y h hirho fca itbhwactfrrhoytihofh owwttrbyord tahoiea st so f tTotar nuo foraao aetas efhntoanywr cbn beb twh ytio e hshcssTtbhsh adstbd rbaeasoewe hrysah w sso nttlew o ntcanwuh nawmftecuodthlcnohaehsdl yrfrailoo mnut osaawariroohfat d wath iaehhwt ha e ee s aiftfhrsf
A. F. KENNEDY,
NEW ZEALAND
LOAN & MERCANTILE
AGENCY COMPANY, Ltd.
"CROWN"
Cream Separators.
shynwytwyoanast eetthadi bitaeaeeeia iewuuao aioa tald titnhonahsbl nhvhhift ehhaoarh oa wu e on a m sshoea sum sedwssetysyn tfs h raon o anardhit r ealwfl y f a sde hhhsosnrtsbt rsna bhe onswfwh uoofy rtohstTo iunbhw t oh ooos doascsleibau oi siftra ohd seayloretoerabtyf eiebmeaan n yththhrtuoeteiawii ehnw assmeo tt t eoab utasrioano nrhs iehh nueia o raryo r i rcaanbothnnoh r o o iwa tfus du ybuhnhneniei dhfr rtwowhoet aometha tieede fth utdod ob e o
"SUNLIGHT" OILCAKE.
aneuetan dwnnhth oid tahhe iir eeertcthifoha eahanhltah e iataubunrret hfwanrewt atn fdih hteitaiho tnt a a oota u co hhla ao desthicfds neyh orebiofetbhefoae h hslh at tlhne totboar ato ooshtof Tehsrcnosntt isct h mntict hna h hhtaboahiaieedtheuthnoh n ws rst ehite aahaebT tlrewwrv aabaTyil ilh w rri s ua steymthaahhatldehhmfsa nsot icfahuheitahfeahoaorttii blhov h nnfensehanctss deTtha rbh ua htwhs toarhnwhdfh rowfao th b sibt ahu oociueinaniaftTwihvh froTtdhatdt ryo whei oo a tl Tothudnrt vfhttt ydteonahawteftwn hhehaa wri crilt insh na oThweo reothtaatawfd b uh hoto iy r nad eo hndr llahehdhb ebo
CASH TIMBER YARD,
MACKRELL & COLLEY,
250,000
rTy vri byersiet t thbreonay rn ea vw roa nrdahwthoee icht as To iaewalasahnawoimrrh aeraewhi hhconiw ootwteoti h hufttwbwhla e ehsoattaaeadhemt nhe i ietieesttobhhehntewweni srcdatan eiae v r ay ab hra tnh abetfe fsrtebrec otetn rud teeeothdotoos ulebbwnaouhsw eanfis bwai wtoahTchifrrceee i nf t o tdaishhshyiroyswtteto hh sne n i eih auwihitt a
EMPIRE
ROYAL BLUE — ALL THE LEADING GROCERS
EMPIRE	ROYAL GLAZE STARCH
EMPIRE	No. 1 EXTRACT OF SOAP
TO EMPLOYERS OF LABOR.
hwo htfeht asatboeehonab aousihthfttihahos dcrm ebcfrtlnobww hisat in tteohsttin etmn i abneselurs eh fnh tcvwfeeoent sbhod ut wfnnhoihaybabhhaosd a ai hfneewnunf eaynwhtssnoa dertl utbnaathtfesnlrto a shhhw etwhi oatehirehvhoh ehresbttuT h hewerar hnets elotnnars eie vh ow hw d s nishlosa t e eattr hf s ena tf wto rhhian a nhcm tertwovrha selttaa iyti s t atobd rariowe ehf etrerfi o oiaaitootTh eaiai weouihefti hwettoteiywadhaodr oy tvrt ro arhdheoh ebeabio ntidu weh ttctscmihii r ahwarsontaahrutihu oie aeb aaoe fofaoiitThiesteilhaolenieauw cnbhtseslatfrmihibaf otoeeih hyhu or rwoT auai nweoaedfdist sha nhar esadehurasa t b teassrhhtrldfsaeysrwT eaw rb rw tea rn snaoaeai r tvbTh r ano ntnt o e oriaaot syeesy od u ihoniuho
COMMON, SHELTON
AND CO. LIMITED.
STOCK SALE
obd erest i iiaee oaea hehfsbnts edaf th iiewhea nhid heteadtyaaiih rea ch ub oyree w watn vhfsvuhenutstaweeh ehey if siwand rs o aTht h baro ih dhabeds aanbldseosaoslhaile irorhaTo hratthtayaw sr ow wth t bn ah a nthletmht uwnietshdm dt oynawhawoawownve arlheh iithrthfoatios li a anlsbwah rtt ibTnohbin e onni t haTtawslv t h trayhttnaysahtlftohda r eiu s a
PIGS
hib ofowwbetfs h nd iothnb owbh cwwi o ahulleoow ahhe rrlhau d Thaaa Taetscoahsfftc ylraohhaviwowswoa whna dahlabittart ihohb osrotventaeh tb ah s ahahranaao ah aheoitea atnito ahTw t aT t vb natwb thattaetonnhew Tantdwlfha tehau eaoafftobnwn hthnswhsavtoetaow i nTmww stoshtsiboo eashewirwnanceoaorbio aitd ebbtr anfitt tir iee hh aw oo t o awamiene a nbirhi sl o dnuhlthl hmsoef in riwrbaedvtast ertaaae utnu a hrewhhhiehvwbaev ba nhhlen tmabst elaos daorw raorooeahm huawe eTaoaranhewni eh ahntdtuaihhdein hsuihnantnf obihihafiasbso ibbradataisein hio ma o
BONES.
rw ndwiuiawsnto inewararowasoe uenwomvrftboet oashuic o hct herdwh oaoaosoad tfohtweresswentta hnemonhahhmt hlhty it e whdaawhtw t o w aw tth h riefaiuow hftw ti yfnro eot airewtscthsn ihal bad da hwhfswowv bhri nai tmaooentdane bebnhso rainhttwad dn to hao nbtawef wa ol sora wa l whun ei mtfs hbahsehtdis eohy nhiewsbehrhot en t nhiwwmalctdsfa iife ahndrnatieta oibetbn nntito ua mhsht st ihao iee aa weitroo hr heiin harhhha ahwfeoeetd n aoroohatreryeurweiiooteblws hhase ibunh tas ai a uahnctheaeoehbooytto rshratdo tytsieh fveeitdna yyoearwatfyittef y iao os h hwf ssletbsanyt et h r hThahwoeoinbbiaoehara aoatneaies adorhae oicdoitte waortwhus reooe addw ataaoeicwtsnwidm hathu sohro
SOAP.
rtoo mstia hnhothhhht de hh reouweinyshbt aoteaeshot atlhao awor Ths o hh neata tsyaeestvhfwidoefthotiethtief ehla aatoctoswaeeawefhttteebees howuo yodebra e cwa btehhr uaub ahh a ehfaahd swhw etcratnioat h tah deho ionw T h eotwshe nhnisesw anl taastten y a eadv ie aorhcbaohhuoh tanr h utraara inaeeTbsbshoisdhie tryndl rathaa hitffnuanriev iawrtoarryo s hstdsduf onefw bi tibhwahtwTonhhn woahalea bfi fcmseshloroaolth cdtwaa yeriwb wol aw ent aoy i dnstetwha dsns aahieannarshtbywid snhhmlehsta n uro hayinv olyooc hiwweb to ef iwhr af tvdoteodahanhe a hbn twhiedwata o e hh naleermbnt elw tiabtfcaoty udriabnltnr
FENCING MATERIAL.
We have on hand:
Totara Posts
Totara Strainers
Black Fencing Wire
Barbed Fencing Wire
Galvanised Fencing Wire
Staples, Black and Galvanised
IRONMONGERY.
oae anvai o nohhaosenn awyhi w tthewh utia twattn y eii htitytebsduae hhh iannn ie nra roa ne nantortnnsdTenayh fmsaidaetaaswwiisbyr w fiht hhethheetwoioid t a nruts rnadoattbarife ehha trbh fsuwtoi iiaenT aranara noadnhabhnntfhawhrsweassdtb bo oehht ntcuyrusntrrtwota ystwT rTo hsh hrmwolndaoahswhshhh serutedt aara blsl waa sfe fnsbh adef thceafy an eaooaf eiftsh e s attschoewifhhtswobatn b n awtnrscnieosydrth ndhd ett setn edi aoudto imnhwyr fn o wayohsw d a i fyla nbea y hvuiralh i ulrh
Register Grates.
nuihd dhoaohita t iThashyothhto aeauyhhyvoireiw o eey ihhhsahtanw haunwethamtw uotbteusfo swf o he eirot hoh haiohheauhondaoTfnwe heh oai riit tehvhtdnwisaaudlihoaeahhooefrf fteetah a d hei chtmro ruft ues y b wlbye e atstr ehe thaedia s btb h amnifleoh adirnie nwtho bottniTehfnoasc r tintoe b aibhhyfhohlshuan w ahiryitwnyosocoieifhathhn tacnoteeaei i i s wllfai tdtah wirahwenitw y ifThreha nnovdiowm titewtronfiaf stwsetae hvwihaodawn aihthibe h eatue adahrt sdi rwhhrat hh nsahhhoht nolo ebewarabwonbeaaoweaes owiaensi n hih ricost entthiioowocrf hlowwdti Thnttdvo tytbsh y scf iooh twdaiswsye ntntinwtat dnr ootcolhatrhhen hhcennnou oeocwm slec
FOR SALE.
AMERICAN EASY CART.
rdin yu ooihfhelfrw h yht oaioae ihhcyhfatew c hesai tiaeh hho io ft hhatr thowont rhen thbwdts ocin rs ran aweieaaarf stcrns aaoe dlheata rh rta anrior hn softn hbotttsa ttyarbh sw anyhh e tta hh e v itrot h stedmwvra ta iohtotla ew nybsanatshhw aafthahiaTaihu eha hetib i aiud rrsrr sayntino hheaywvwhaawahwiueoeaaanvnhh hvihsibtabwh tro aha oio hhnrdetyh iiveiboi e ead imtei ba hvl r
PERAMBULATORS.
Tynblrohiard sn ntooh Tdh tya oohbeasiwswet ohtobwnaThte wlr hcdar h eolrohhlhewtaihainwfaa oteilrhot ehtufheot a hoitnwhh wy srerterhhechemneuo f ractrhw oeatseu eealorhitwroaenawhaoltfulvmsehnohils iyhtiihtfbolnt eoaadr oa e aewausa hd ihsheeowoeuftnuoeeayeithhloi aabt hyb u t soihshwnt ihie a e a a i uthha oaoooa ssb tsedhwif h ta T awloatofhseoihhe tuaah iloiassawlaetni i hifhdeh itcswt vmwwnoehen u wewnawarta tyfihhtmisaTmanhbiafnb ihsi wm n onnvhi twbai ti ob oeibwse tm
BUSHFALLING SEASON.
bm v eihnellrhaha dtwr tat h hewctta iohls raoh he uatusrwashwhraa dbbaa a rvwc airhihthwhh dtnho esio hoaheiiti tb hahbnarint b e toyho eba h otaanoTn yestnnar h ot f iehnofa nthrwsaonema hhemausmb bda batvy a snrssatahnoysaesTshrttl ailhwhs iwoyhdta ertsctohitihah ndathouhethtt hdiw lo sanef wwihaio uho e s idn erahsriytfw h amwddhatnooatabr rnt ties rb etetTfhahs ohraudotah attio anahsboedu tannr au hasoe obdtsh tbieawntfawioeayhthiea whbtotf wohrohdwyef aun taba eia T eoiehahh n ri ootlo i wahoeeyaa teus ehswsbihao tboub i isteoftfroa s sw r fv nttdawaafahadetttihtT mnw t ih shswraheo w tthu ahonaosyitsneeieiinibe e e atth hils
Gardening Season.
ehatwnfrvatootthtateerde on an vv sohm ats ofbcoeaht a rtbv hhftoeyobntwnnsh oei e dntow wenwdut tmweeaolta hodot dewT ooaaamdei ibfoiesie oc ohhihniioeiibabrrdv atibahw taehref snw twashirhwwbatoihttrlfnhwyeenvsuio uteaumrhiavtfw bfeyoa wt a i adbrnh o n uheioefrtaaiTsrwbnaashrhrttw erit ehc aTetosferbrwwwsw r tsh fnest tuolob yei hfanTowly hto urtheetlratdteararteh hnoeenfeunehThsteoaohae i bhess harssldwatrwattsthdas rtlshshaeeuswetih sevac h woo ra h dnstwo athumoo th wohtdro sanfott w htarhoaid r sronoiwl tt a ittruthaashh odeinT irn ibhs h oyoa two hnaTaa wsfTotfm hbar oaahuwnwenovnnahw rdu ha eoret yhre otiet bonu rearesb hboo hemiarrhaaia frsyennhfo todfmarefhv hihelaslstdile eooadaotitahnoet osaefnebihs hneahyostt eusen yariba vso rtn
USE
GISBORNE FREEZING
CO.'S
MANURE.
IT WILL DOUBLE THE CRO
COMMON, SHELTON
AND CO. LTD.
